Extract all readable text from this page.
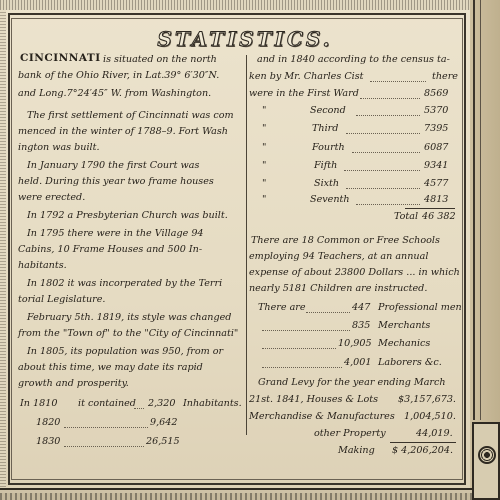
STATISTICS.
CINCINNATI is situated on the north
bank of the Ohio River, in Lat.39° 6′30″N.
and Long.7°24′45″ W. from Washington.
The first settlement of Cincinnati was com
menced in the winter of 1788–9. Fort Wash
ington was built.
In January 1790 the first Court was
held. During this year two frame houses
were erected.
In 1792 a Presbyterian Church was built.
In 1795 there were in the Village 94
Cabins, 10 Frame Houses and 500 In-
habitants.
In 1802 it was incorperated by the Terri
torial Legislature.
February 5th. 1819, its style was changed
from the "Town of" to the "City of Cincinnati"
In 1805, its population was 950, from or
about this time, we may date its rapid
growth and prosperity.
In 1810 it contained 2,320 Inhabitants.
1820	9,642
1830	26,515
and in 1840 according to the census ta-
ken by Mr. Charles Cist	there
were in the First Ward	8569
"	Second	5370
"	Third	7395
"	Fourth	6087
"	Fifth	9341
"	Sixth	4577
"	Seventh	4813
Total 46 382
There are 18 Common or Free Schools
employing 94 Teachers, at an annual
expense of about 23800 Dollars ... in which
nearly 5181 Children are instructed.
There are	447 Professional men
835 Merchants
10,905 Mechanics
4,001 Laborers &c.
Grand Levy for the year ending March
21st. 1841, Houses & Lots $3,157,673.
Merchandise & Manufactures 1,004,510.
other Property	44,019.
Making $ 4,206,204.
